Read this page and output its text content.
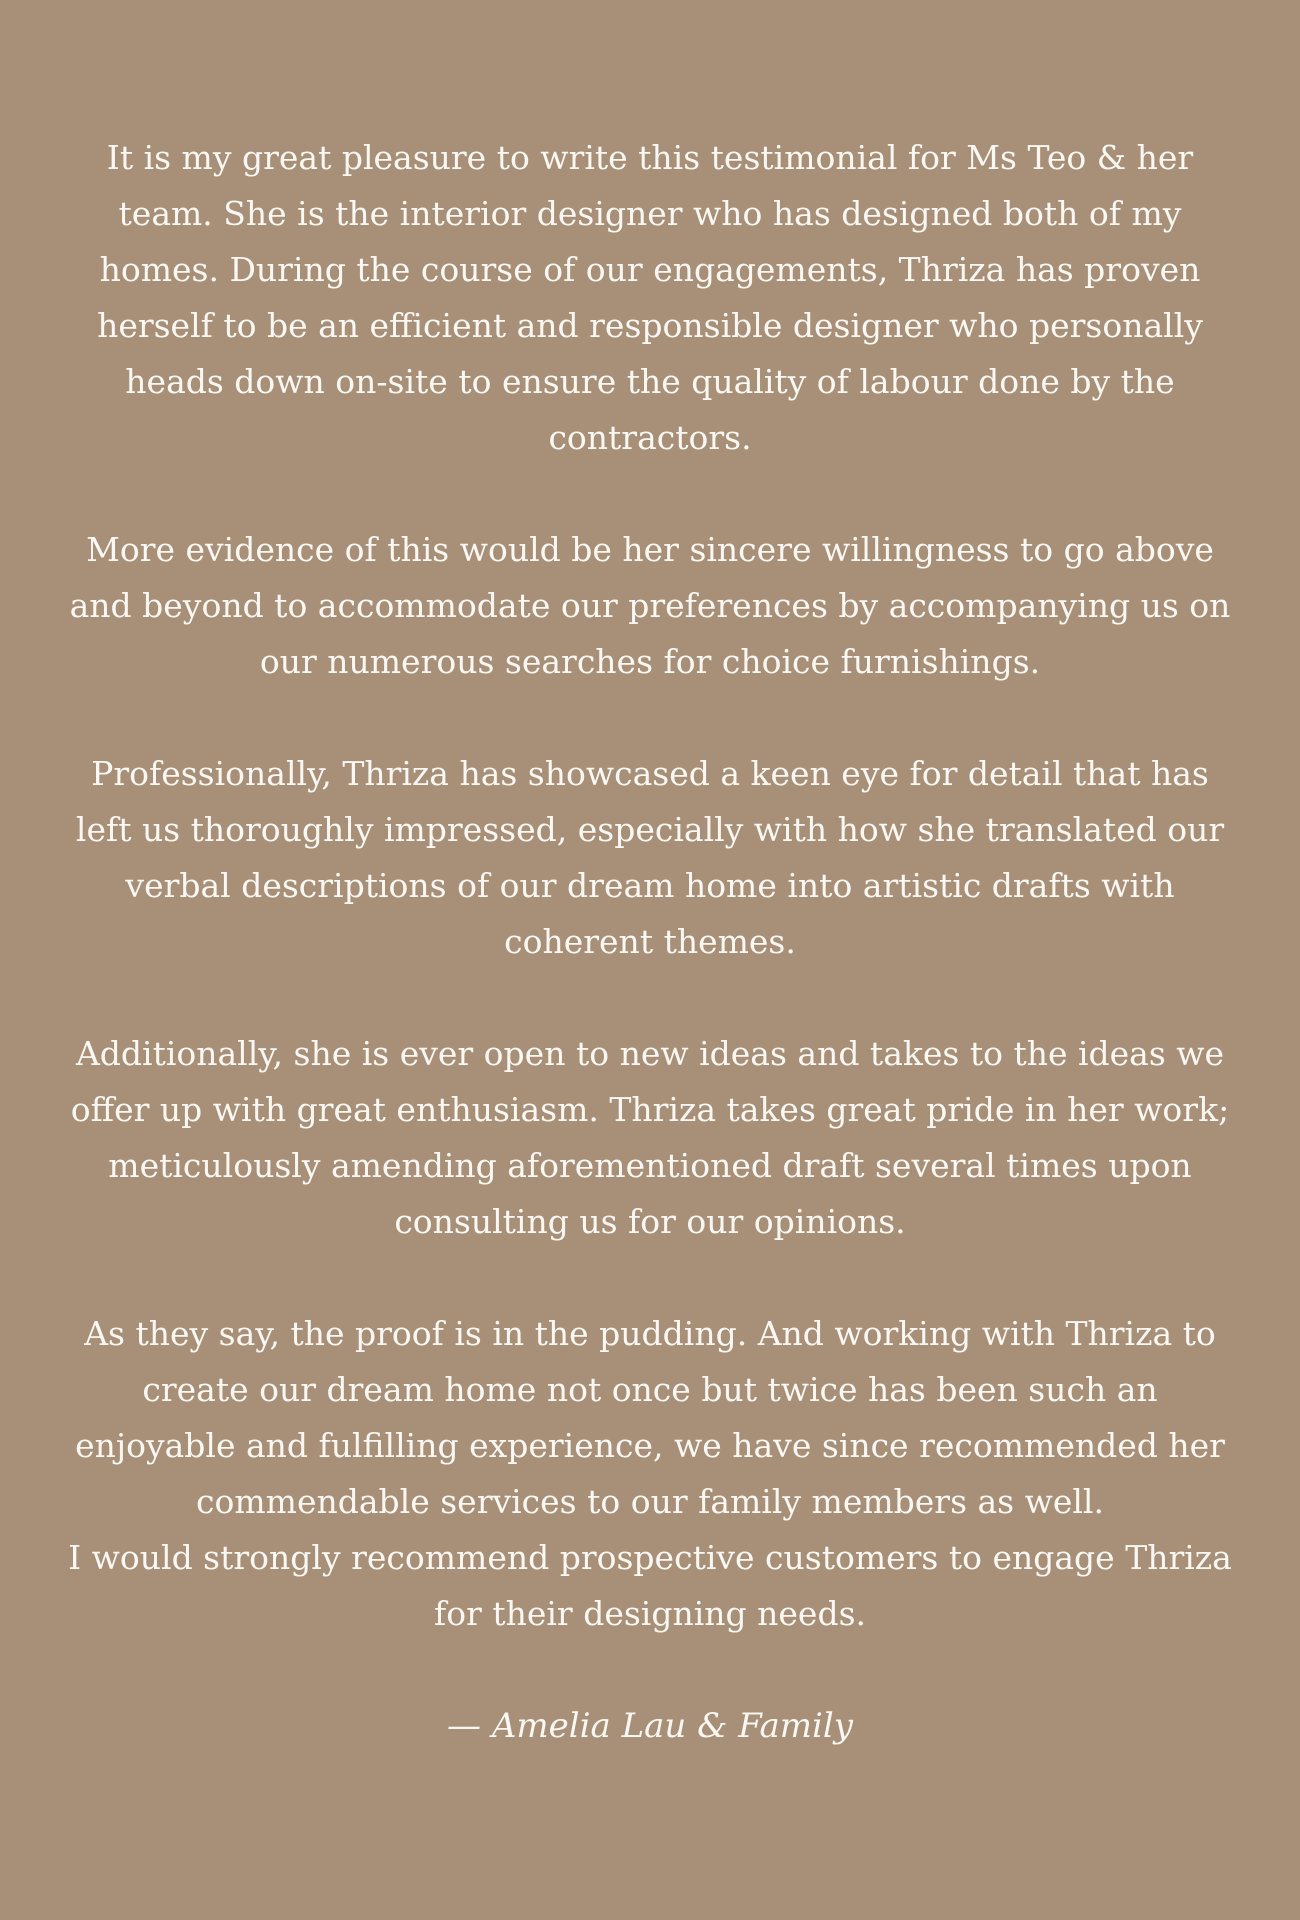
It is my great pleasure to write this testimonial for Ms Teo & her team. She is the interior designer who has designed both of my homes. During the course of our engagements, Thriza has proven herself to be an efficient and responsible designer who personally heads down on-site to ensure the quality of labour done by the contractors.

More evidence of this would be her sincere willingness to go above and beyond to accommodate our preferences by accompanying us on our numerous searches for choice furnishings.

Professionally, Thriza has showcased a keen eye for detail that has left us thoroughly impressed, especially with how she translated our verbal descriptions of our dream home into artistic drafts with coherent themes.

Additionally, she is ever open to new ideas and takes to the ideas we offer up with great enthusiasm. Thriza takes great pride in her work; meticulously amending aforementioned draft several times upon consulting us for our opinions.

As they say, the proof is in the pudding. And working with Thriza to create our dream home not once but twice has been such an enjoyable and fulfilling experience, we have since recommended her commendable services to our family members as well.

I would strongly recommend prospective customers to engage Thriza for their designing needs.

— Amelia Lau & Family
